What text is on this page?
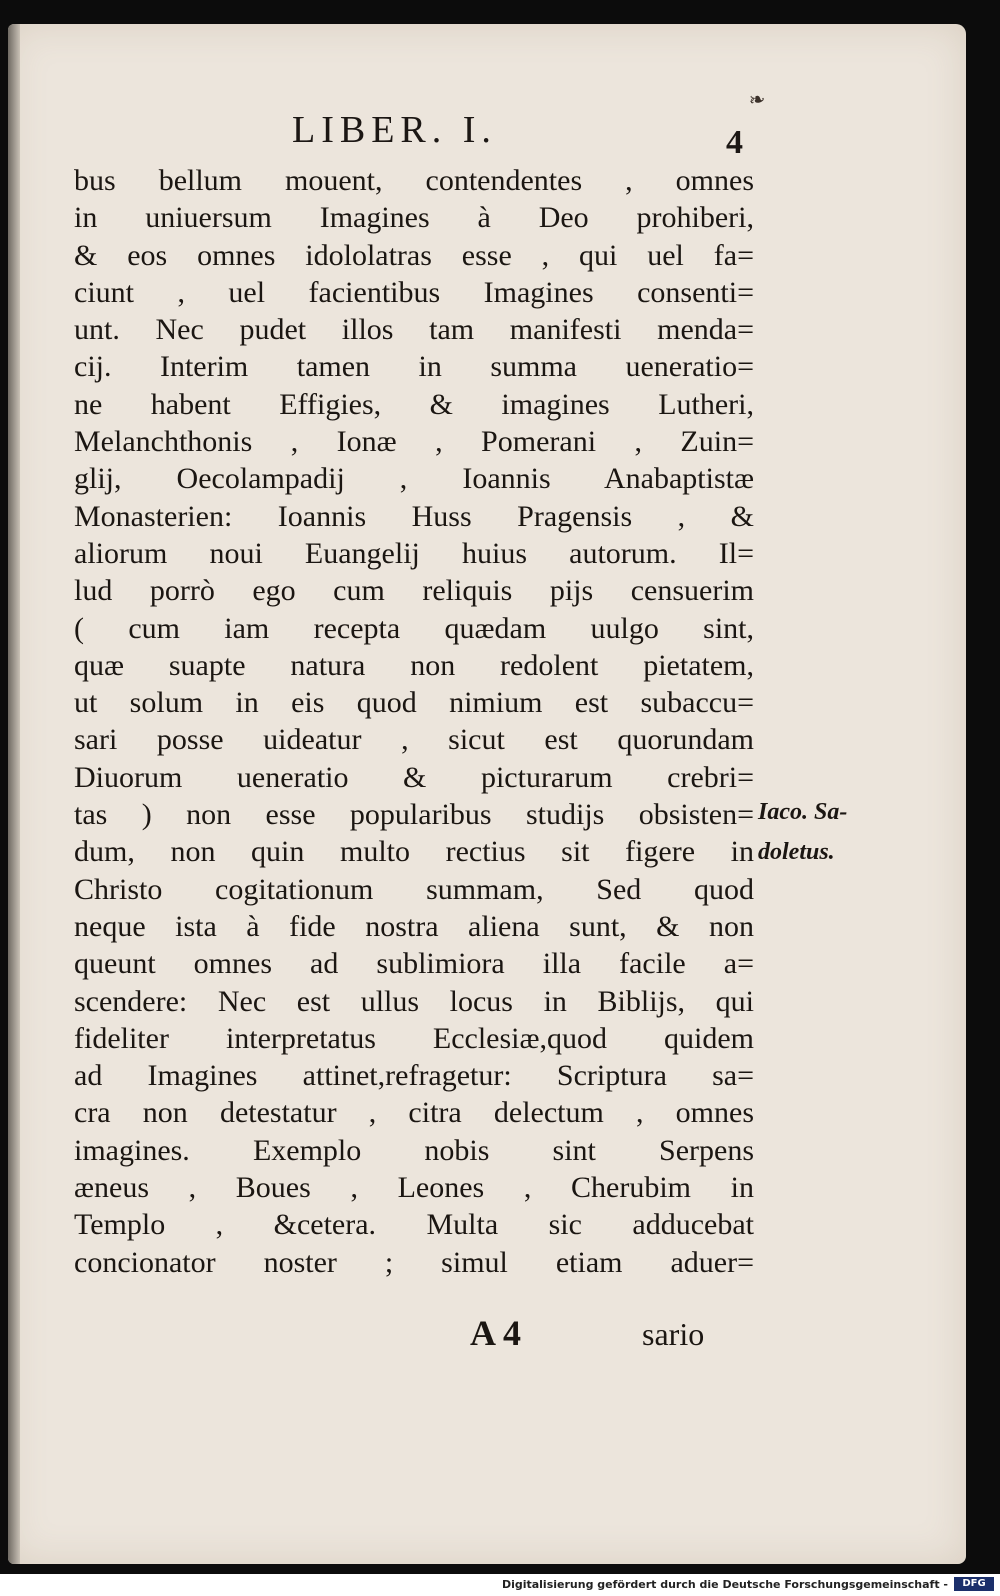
LIBER. I.	4
❧
bus bellum mouent, contendentes , omnes
in uniuersum Imagines à Deo prohiberi,
& eos omnes idololatras esse , qui uel fa=
ciunt , uel facientibus Imagines consenti=
unt. Nec pudet illos tam manifesti menda=
cij. Interim tamen in summa ueneratio=
ne habent Effigies, & imagines Lutheri,
Melanchthonis , Ionæ , Pomerani , Zuin=
glij, Oecolampadij , Ioannis Anabaptistæ
Monasterien: Ioannis Huss Pragensis , &
aliorum noui Euangelij huius autorum. Il=
lud porrò ego cum reliquis pijs censuerim
( cum iam recepta quædam uulgo sint,
quæ suapte natura non redolent pietatem,
ut solum in eis quod nimium est subaccu=
sari posse uideatur , sicut est quorundam
Diuorum ueneratio & picturarum crebri=
tas ) non esse popularibus studijs obsisten=
dum, non quin multo rectius sit figere in
Christo cogitationum summam, Sed quod
neque ista à fide nostra aliena sunt, & non
queunt omnes ad sublimiora illa facile a=
scendere: Nec est ullus locus in Biblijs, qui
fideliter interpretatus Ecclesiæ,quod quidem
ad Imagines attinet,refragetur: Scriptura sa=
cra non detestatur , citra delectum , omnes
imagines. Exemplo nobis sint Serpens
æneus , Boues , Leones , Cherubim in
Templo , &cetera. Multa sic adducebat
concionator noster ; simul etiam aduer=
Iaco. Sa-
doletus.
A 4	sario
Digitalisierung gefördert durch die Deutsche Forschungsgemeinschaft -	DFG
